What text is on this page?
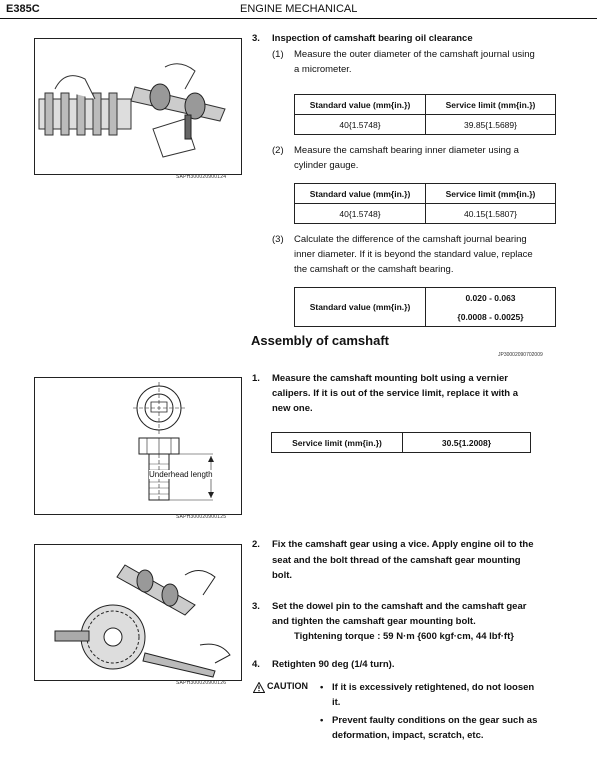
E385C	ENGINE MECHANICAL
SAPH300020900124
3. Inspection of camshaft bearing oil clearance
(1) Measure the outer diameter of the camshaft journal using
a micrometer.
Standard value (mm{in.})	Service limit (mm{in.})
40{1.5748}	39.85{1.5689}
(2) Measure the camshaft bearing inner diameter using a
cylinder gauge.
Standard value (mm{in.})	Service limit (mm{in.})
40{1.5748}	40.15{1.5807}
(3) Calculate the difference of the camshaft journal bearing
inner diameter. If it is beyond the standard value, replace
the camshaft or the camshaft bearing.
Standard value (mm{in.})	0.020 - 0.063
{0.0008 - 0.0025}
Assembly of camshaft
JP30002090702009
Underhead length
SAPH300020900125
1. Measure the camshaft mounting bolt using a vernier
calipers. If it is out of the service limit, replace it with a
new one.
Service limit (mm{in.})	30.5{1.2008}
SAPH300020900126
2. Fix the camshaft gear using a vice. Apply engine oil to the
seat and the bolt thread of the camshaft gear mounting
bolt.
3. Set the dowel pin to the camshaft and the camshaft gear
and tighten the camshaft gear mounting bolt.
Tightening torque : 59 N·m {600 kgf·cm, 44 lbf·ft}
4. Retighten 90 deg (1/4 turn).
CAUTION • If it is excessively retightened, do not loosen
it.
• Prevent faulty conditions on the gear such as
deformation, impact, scratch, etc.
